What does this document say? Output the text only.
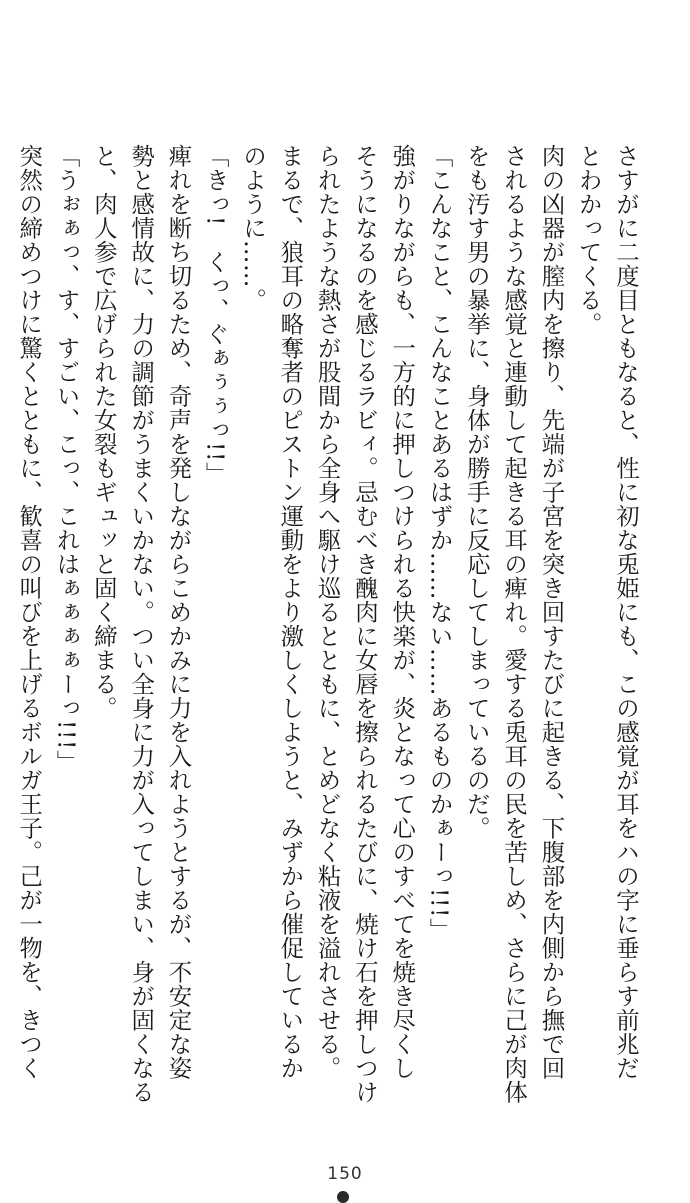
さすがに二度目ともなると、性に初な兎姫にも、この感覚が耳をハの字に垂らす前兆だ

とわかってくる。

肉の凶器が膣内を擦り、先端が子宮を突き回すたびに起きる、下腹部を内側から撫で回

されるような感覚と連動して起きる耳の痺れ。愛する兎耳の民を苦しめ、さらに己が肉体

をも汚す男の暴挙に、身体が勝手に反応してしまっているのだ。

「こんなこと、こんなことあるはずか……ない……あるものかぁーっ!!!」

強がりながらも、一方的に押しつけられる快楽が、炎となって心のすべてを焼き尽くし

そうになるのを感じるラビィ。忌むべき醜肉に女唇を擦られるたびに、焼け石を押しつけ

られたような熱さが股間から全身へ駆け巡るとともに、とめどなく粘液を溢れさせる。

まるで、狼耳の略奪者のピストン運動をより激しくしようと、みずから催促しているか

のように……。

「きっ!　くっ、ぐぁぅぅっ!!」

痺れを断ち切るため、奇声を発しながらこめかみに力を入れようとするが、不安定な姿

勢と感情故に、力の調節がうまくいかない。つい全身に力が入ってしまい、身が固くなる

と、肉人参で広げられた女裂もギュッと固く締まる。

「うぉぁっ、す、すごい、こっ、これはぁぁぁぁーっ!!!」

突然の締めつけに驚くとともに、歓喜の叫びを上げるボルガ王子。己が一物を、きつく

150
